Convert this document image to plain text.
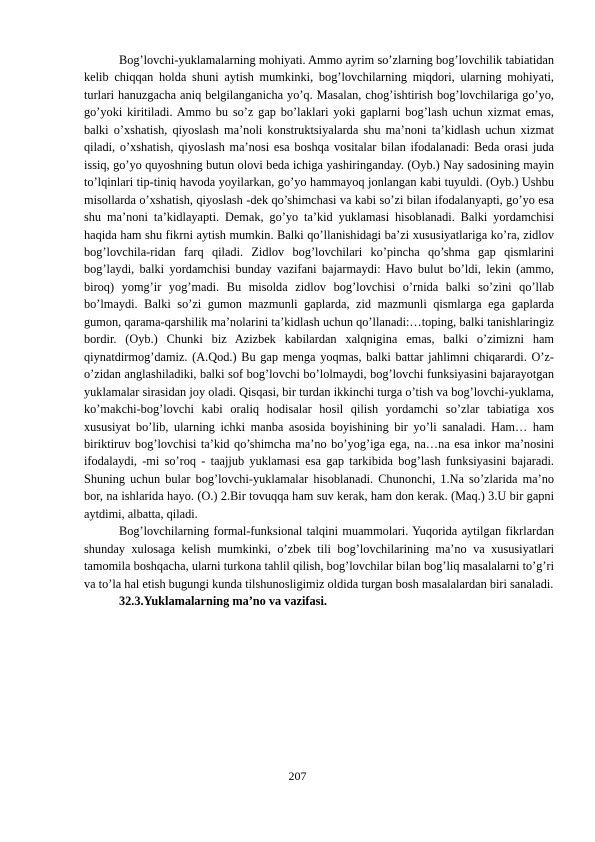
Bog’lovchi-yuklamalarning mohiyati. Ammo ayrim so’zlarning bog’lovchilik tabiatidan kelib chiqqan holda shuni aytish mumkinki, bog’lovchilarning miqdori, ularning mohiyati, turlari hanuzgacha aniq belgilanganicha yo’q. Masalan, chog’ishtirish bog’lovchilariga go’yo, go’yoki kiritiladi. Ammo bu so’z gap bo’laklari yoki gaplarni bog’lash uchun xizmat emas, balki o’xshatish, qiyoslash ma’noli konstruktsiyalarda shu ma’noni ta’kidlash uchun xizmat qiladi, o’xshatish, qiyoslash ma’nosi esa boshqa vositalar bilan ifodalanadi: Beda orasi juda issiq, go’yo quyoshning butun olovi beda ichiga yashiringanday. (Oyb.) Nay sadosining mayin to’lqinlari tip-tiniq havoda yoyilarkan, go’yo hammayoq jonlangan kabi tuyuldi. (Oyb.) Ushbu misollarda o’xshatish, qiyoslash -dek qo’shimchasi va kabi so’zi bilan ifodalanyapti, go’yo esa shu ma’noni ta’kidlayapti. Demak, go’yo ta’kid yuklamasi hisoblanadi. Balki yordamchisi haqida ham shu fikrni aytish mumkin. Balki qo’llanishidagi ba’zi xususiyatlariga ko’ra, zidlov bog’lovchila-ridan farq qiladi. Zidlov bog’lovchilari ko’pincha qo’shma gap qismlarini bog’laydi, balki yordamchisi bunday vazifani bajarmaydi: Havo bulut bo’ldi, lekin (ammo, biroq) yomg’ir yog’madi. Bu misolda zidlov bog’lovchisi o’rnida balki so’zini qo’llab bo’lmaydi. Balki so’zi gumon mazmunli gaplarda, zid mazmunli qismlarga ega gaplarda gumon, qarama-qarshilik ma’nolarini ta’kidlash uchun qo’llanadi:…toping, balki tanishlaringiz bordir. (Oyb.) Chunki biz Azizbek kabilardan xalqnigina emas, balki o’zimizni ham qiynatdirmog’damiz. (A.Qod.) Bu gap menga yoqmas, balki battar jahlimni chiqarardi. O’z-o’zidan anglashiladiki, balki sof bog’lovchi bo’lolmaydi, bog’lovchi funksiyasini bajarayotgan yuklamalar sirasidan joy oladi. Qisqasi, bir turdan ikkinchi turga o’tish va bog’lovchi-yuklama, ko’makchi-bog’lovchi kabi oraliq hodisalar hosil qilish yordamchi so’zlar tabiatiga xos xususiyat bo’lib, ularning ichki manba asosida boyishining bir yo’li sanaladi. Ham… ham biriktiruv bog’lovchisi ta’kid qo’shimcha ma’no bo’yog’iga ega, na…na esa inkor ma’nosini ifodalaydi, -mi so’roq - taajjub yuklamasi esa gap tarkibida bog’lash funksiyasini bajaradi. Shuning uchun bular bog’lovchi-yuklamalar hisoblanadi. Chunonchi, 1.Na so’zlarida ma’no bor, na ishlarida hayo. (O.) 2.Bir tovuqqa ham suv kerak, ham don kerak. (Maq.) 3.U bir gapni aytdimi, albatta, qiladi.

Bog’lovchilarning formal-funksional talqini muammolari. Yuqorida aytilgan fikrlardan shunday xulosaga kelish mumkinki, o’zbek tili bog’lovchilarining ma’no va xususiyatlari tamomila boshqacha, ularni turkona tahlil qilish, bog’lovchilar bilan bog’liq masalalarni to’g’ri va to’la hal etish bugungi kunda tilshunosligimiz oldida turgan bosh masalalardan biri sanaladi.

32.3.Yuklamalarning ma’no va vazifasi.

207
